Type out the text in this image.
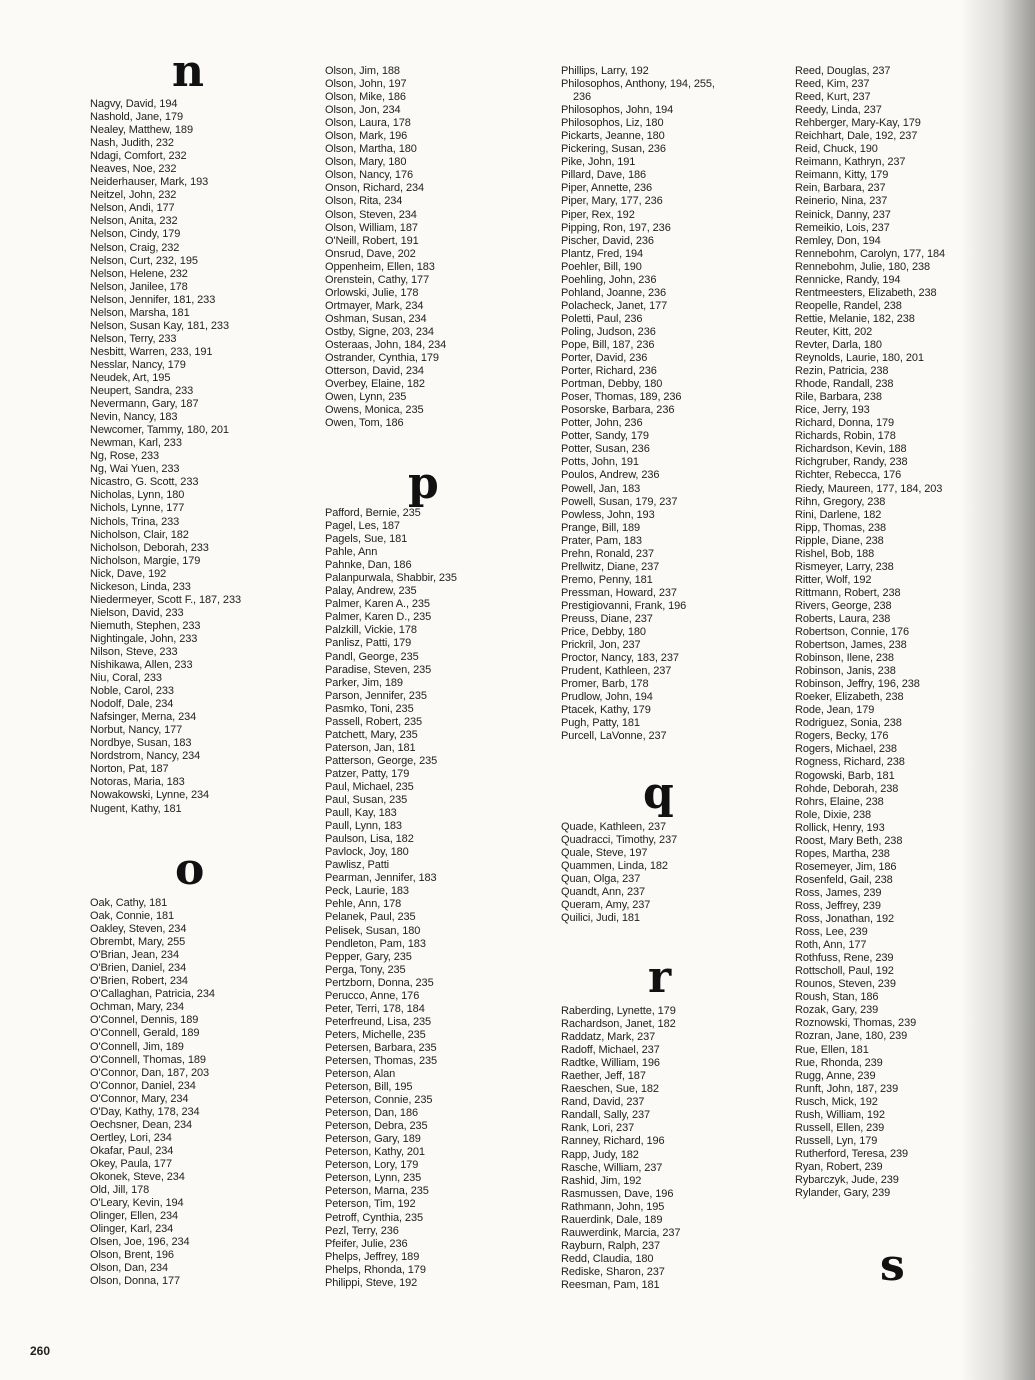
n
Nagvy, David, 194
Nashold, Jane, 179
Nealey, Matthew, 189
Nash, Judith, 232
Ndagi, Comfort, 232
Neaves, Noe, 232
Neiderhauser, Mark, 193
Neitzel, John, 232
Nelson, Andi, 177
Nelson, Anita, 232
Nelson, Cindy, 179
Nelson, Craig, 232
Nelson, Curt, 232, 195
Nelson, Helene, 232
Nelson, Janilee, 178
Nelson, Jennifer, 181, 233
Nelson, Marsha, 181
Nelson, Susan Kay, 181, 233
Nelson, Terry, 233
Nesbitt, Warren, 233, 191
Nesslar, Nancy, 179
Neudek, Art, 195
Neupert, Sandra, 233
Nevermann, Gary, 187
Nevin, Nancy, 183
Newcomer, Tammy, 180, 201
Newman, Karl, 233
Ng, Rose, 233
Ng, Wai Yuen, 233
Nicastro, G. Scott, 233
Nicholas, Lynn, 180
Nichols, Lynne, 177
Nichols, Trina, 233
Nicholson, Clair, 182
Nicholson, Deborah, 233
Nicholson, Margie, 179
Nick, Dave, 192
Nickeson, Linda, 233
Niedermeyer, Scott F., 187, 233
Nielson, David, 233
Niemuth, Stephen, 233
Nightingale, John, 233
Nilson, Steve, 233
Nishikawa, Allen, 233
Niu, Coral, 233
Noble, Carol, 233
Nodolf, Dale, 234
Nafsinger, Merna, 234
Norbut, Nancy, 177
Nordbye, Susan, 183
Nordstrom, Nancy, 234
Norton, Pat, 187
Notoras, Maria, 183
Nowakowski, Lynne, 234
Nugent, Kathy, 181
o
Oak, Cathy, 181
Oak, Connie, 181
Oakley, Steven, 234
Obrembt, Mary, 255
O'Brian, Jean, 234
O'Brien, Daniel, 234
O'Brien, Robert, 234
O'Callaghan, Patricia, 234
Ochman, Mary, 234
O'Connel, Dennis, 189
O'Connell, Gerald, 189
O'Connell, Jim, 189
O'Connell, Thomas, 189
O'Connor, Dan, 187, 203
O'Connor, Daniel, 234
O'Connor, Mary, 234
O'Day, Kathy, 178, 234
Oechsner, Dean, 234
Oertley, Lori, 234
Okafar, Paul, 234
Okey, Paula, 177
Okonek, Steve, 234
Old, Jill, 178
O'Leary, Kevin, 194
Olinger, Ellen, 234
Olinger, Karl, 234
Olsen, Joe, 196, 234
Olson, Brent, 196
Olson, Dan, 234
Olson, Donna, 177
Olson, Jim, 188
Olson, John, 197
Olson, Mike, 186
Olson, Jon, 234
Olson, Laura, 178
Olson, Mark, 196
Olson, Martha, 180
Olson, Mary, 180
Olson, Nancy, 176
Onson, Richard, 234
Olson, Rita, 234
Olson, Steven, 234
Olson, William, 187
O'Neill, Robert, 191
Onsrud, Dave, 202
Oppenheim, Ellen, 183
Orenstein, Cathy, 177
Orlowski, Julie, 178
Ortmayer, Mark, 234
Oshman, Susan, 234
Ostby, Signe, 203, 234
Osteraas, John, 184, 234
Ostrander, Cynthia, 179
Otterson, David, 234
Overbey, Elaine, 182
Owen, Lynn, 235
Owens, Monica, 235
Owen, Tom, 186
p
Pafford, Bernie, 235
Pagel, Les, 187
Pagels, Sue, 181
Pahle, Ann
Pahnke, Dan, 186
Palanpurwala, Shabbir, 235
Palay, Andrew, 235
Palmer, Karen A., 235
Palmer, Karen D., 235
Palzkill, Vickie, 178
Panlisz, Patti, 179
Pandl, George, 235
Paradise, Steven, 235
Parker, Jim, 189
Parson, Jennifer, 235
Pasmko, Toni, 235
Passell, Robert, 235
Patchett, Mary, 235
Paterson, Jan, 181
Patterson, George, 235
Patzer, Patty, 179
Paul, Michael, 235
Paul, Susan, 235
Paull, Kay, 183
Paull, Lynn, 183
Paulson, Lisa, 182
Pavlock, Joy, 180
Pawlisz, Patti
Pearman, Jennifer, 183
Peck, Laurie, 183
Pehle, Ann, 178
Pelanek, Paul, 235
Pelisek, Susan, 180
Pendleton, Pam, 183
Pepper, Gary, 235
Perga, Tony, 235
Pertzborn, Donna, 235
Perucco, Anne, 176
Peter, Terri, 178, 184
Peterfreund, Lisa, 235
Peters, Michelle, 235
Petersen, Barbara, 235
Petersen, Thomas, 235
Peterson, Alan
Peterson, Bill, 195
Peterson, Connie, 235
Peterson, Dan, 186
Peterson, Debra, 235
Peterson, Gary, 189
Peterson, Kathy, 201
Peterson, Lory, 179
Peterson, Lynn, 235
Peterson, Marna, 235
Peterson, Tim, 192
Petroff, Cynthia, 235
Pezl, Terry, 236
Pfeifer, Julie, 236
Phelps, Jeffrey, 189
Phelps, Rhonda, 179
Philippi, Steve, 192
Phillips, Larry, 192
Philosophos, Anthony, 194, 255,
236
Philosophos, John, 194
Philosophos, Liz, 180
Pickarts, Jeanne, 180
Pickering, Susan, 236
Pike, John, 191
Pillard, Dave, 186
Piper, Annette, 236
Piper, Mary, 177, 236
Piper, Rex, 192
Pipping, Ron, 197, 236
Pischer, David, 236
Plantz, Fred, 194
Poehler, Bill, 190
Poehling, John, 236
Pohland, Joanne, 236
Polacheck, Janet, 177
Poletti, Paul, 236
Poling, Judson, 236
Pope, Bill, 187, 236
Porter, David, 236
Porter, Richard, 236
Portman, Debby, 180
Poser, Thomas, 189, 236
Posorske, Barbara, 236
Potter, John, 236
Potter, Sandy, 179
Potter, Susan, 236
Potts, John, 191
Poulos, Andrew, 236
Powell, Jan, 183
Powell, Susan, 179, 237
Powless, John, 193
Prange, Bill, 189
Prater, Pam, 183
Prehn, Ronald, 237
Prellwitz, Diane, 237
Premo, Penny, 181
Pressman, Howard, 237
Prestigiovanni, Frank, 196
Preuss, Diane, 237
Price, Debby, 180
Prickril, Jon, 237
Proctor, Nancy, 183, 237
Prudent, Kathleen, 237
Promer, Barb, 178
Prudlow, John, 194
Ptacek, Kathy, 179
Pugh, Patty, 181
Purcell, LaVonne, 237
q
Quade, Kathleen, 237
Quadracci, Timothy, 237
Quale, Steve, 197
Quammen, Linda, 182
Quan, Olga, 237
Quandt, Ann, 237
Queram, Amy, 237
Quilici, Judi, 181
r
Raberding, Lynette, 179
Rachardson, Janet, 182
Raddatz, Mark, 237
Radoff, Michael, 237
Radtke, William, 196
Raether, Jeff, 187
Raeschen, Sue, 182
Rand, David, 237
Randall, Sally, 237
Rank, Lori, 237
Ranney, Richard, 196
Rapp, Judy, 182
Rasche, William, 237
Rashid, Jim, 192
Rasmussen, Dave, 196
Rathmann, John, 195
Rauerdink, Dale, 189
Rauwerdink, Marcia, 237
Rayburn, Ralph, 237
Redd, Claudia, 180
Rediske, Sharon, 237
Reesman, Pam, 181
Reed, Douglas, 237
Reed, Kim, 237
Reed, Kurt, 237
Reedy, Linda, 237
Rehberger, Mary-Kay, 179
Reichhart, Dale, 192, 237
Reid, Chuck, 190
Reimann, Kathryn, 237
Reimann, Kitty, 179
Rein, Barbara, 237
Reinerio, Nina, 237
Reinick, Danny, 237
Remeikio, Lois, 237
Remley, Don, 194
Rennebohm, Carolyn, 177, 184
Rennebohm, Julie, 180, 238
Rennicke, Randy, 194
Rentmeesters, Elizabeth, 238
Reopelle, Randel, 238
Rettie, Melanie, 182, 238
Reuter, Kitt, 202
Revter, Darla, 180
Reynolds, Laurie, 180, 201
Rezin, Patricia, 238
Rhode, Randall, 238
Rile, Barbara, 238
Rice, Jerry, 193
Richard, Donna, 179
Richards, Robin, 178
Richardson, Kevin, 188
Richgruber, Randy, 238
Richter, Rebecca, 176
Riedy, Maureen, 177, 184, 203
Rihn, Gregory, 238
Rini, Darlene, 182
Ripp, Thomas, 238
Ripple, Diane, 238
Rishel, Bob, 188
Rismeyer, Larry, 238
Ritter, Wolf, 192
Rittmann, Robert, 238
Rivers, George, 238
Roberts, Laura, 238
Robertson, Connie, 176
Robertson, James, 238
Robinson, Ilene, 238
Robinson, Janis, 238
Robinson, Jeffry, 196, 238
Roeker, Elizabeth, 238
Rode, Jean, 179
Rodriguez, Sonia, 238
Rogers, Becky, 176
Rogers, Michael, 238
Rogness, Richard, 238
Rogowski, Barb, 181
Rohde, Deborah, 238
Rohrs, Elaine, 238
Role, Dixie, 238
Rollick, Henry, 193
Roost, Mary Beth, 238
Ropes, Martha, 238
Rosemeyer, Jim, 186
Rosenfeld, Gail, 238
Ross, James, 239
Ross, Jeffrey, 239
Ross, Jonathan, 192
Ross, Lee, 239
Roth, Ann, 177
Rothfuss, Rene, 239
Rottscholl, Paul, 192
Rounos, Steven, 239
Roush, Stan, 186
Rozak, Gary, 239
Roznowski, Thomas, 239
Rozran, Jane, 180, 239
Rue, Ellen, 181
Rue, Rhonda, 239
Rugg, Anne, 239
Runft, John, 187, 239
Rusch, Mick, 192
Rush, William, 192
Russell, Ellen, 239
Russell, Lyn, 179
Rutherford, Teresa, 239
Ryan, Robert, 239
Rybarczyk, Jude, 239
Rylander, Gary, 239
s
260
